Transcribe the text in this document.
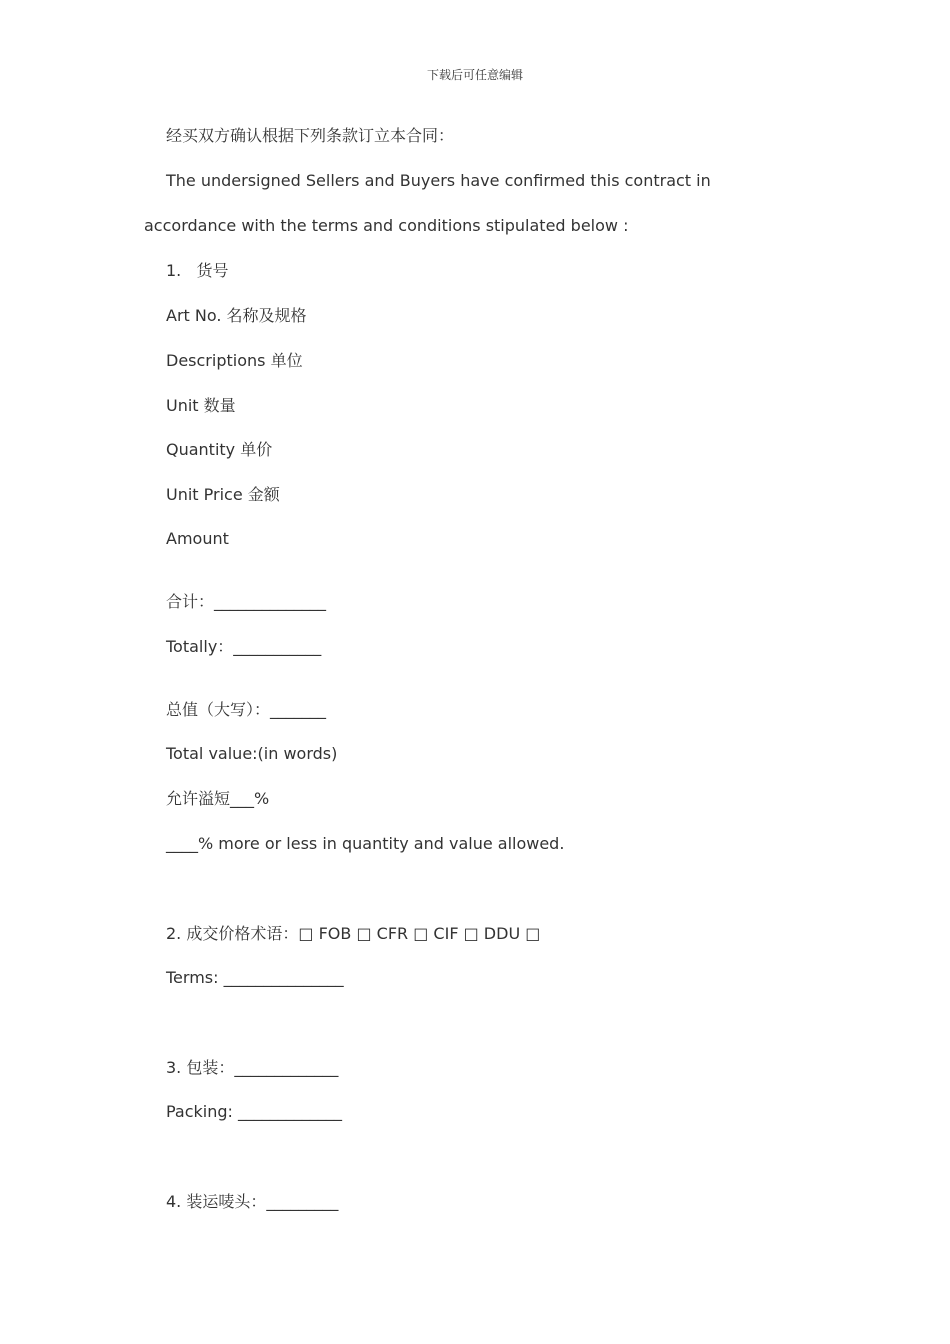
下载后可任意编辑
经买双方确认根据下列条款订立本合同：
The undersigned Sellers and Buyers have confirmed this contract in
accordance with the terms and conditions stipulated below :
1. 货号
Art No. 名称及规格
Descriptions 单位
Unit 数量
Quantity 单价
Unit Price 金额
Amount
合计：______________
Totally：___________
总值（大写）：_______
Total value:(in words)
允许溢短___%
____% more or less in quantity and value allowed.
2. 成交价格术语：□ FOB □ CFR □ CIF □ DDU □
Terms: _______________
3. 包装：_____________
Packing: _____________
4. 装运唛头：_________
